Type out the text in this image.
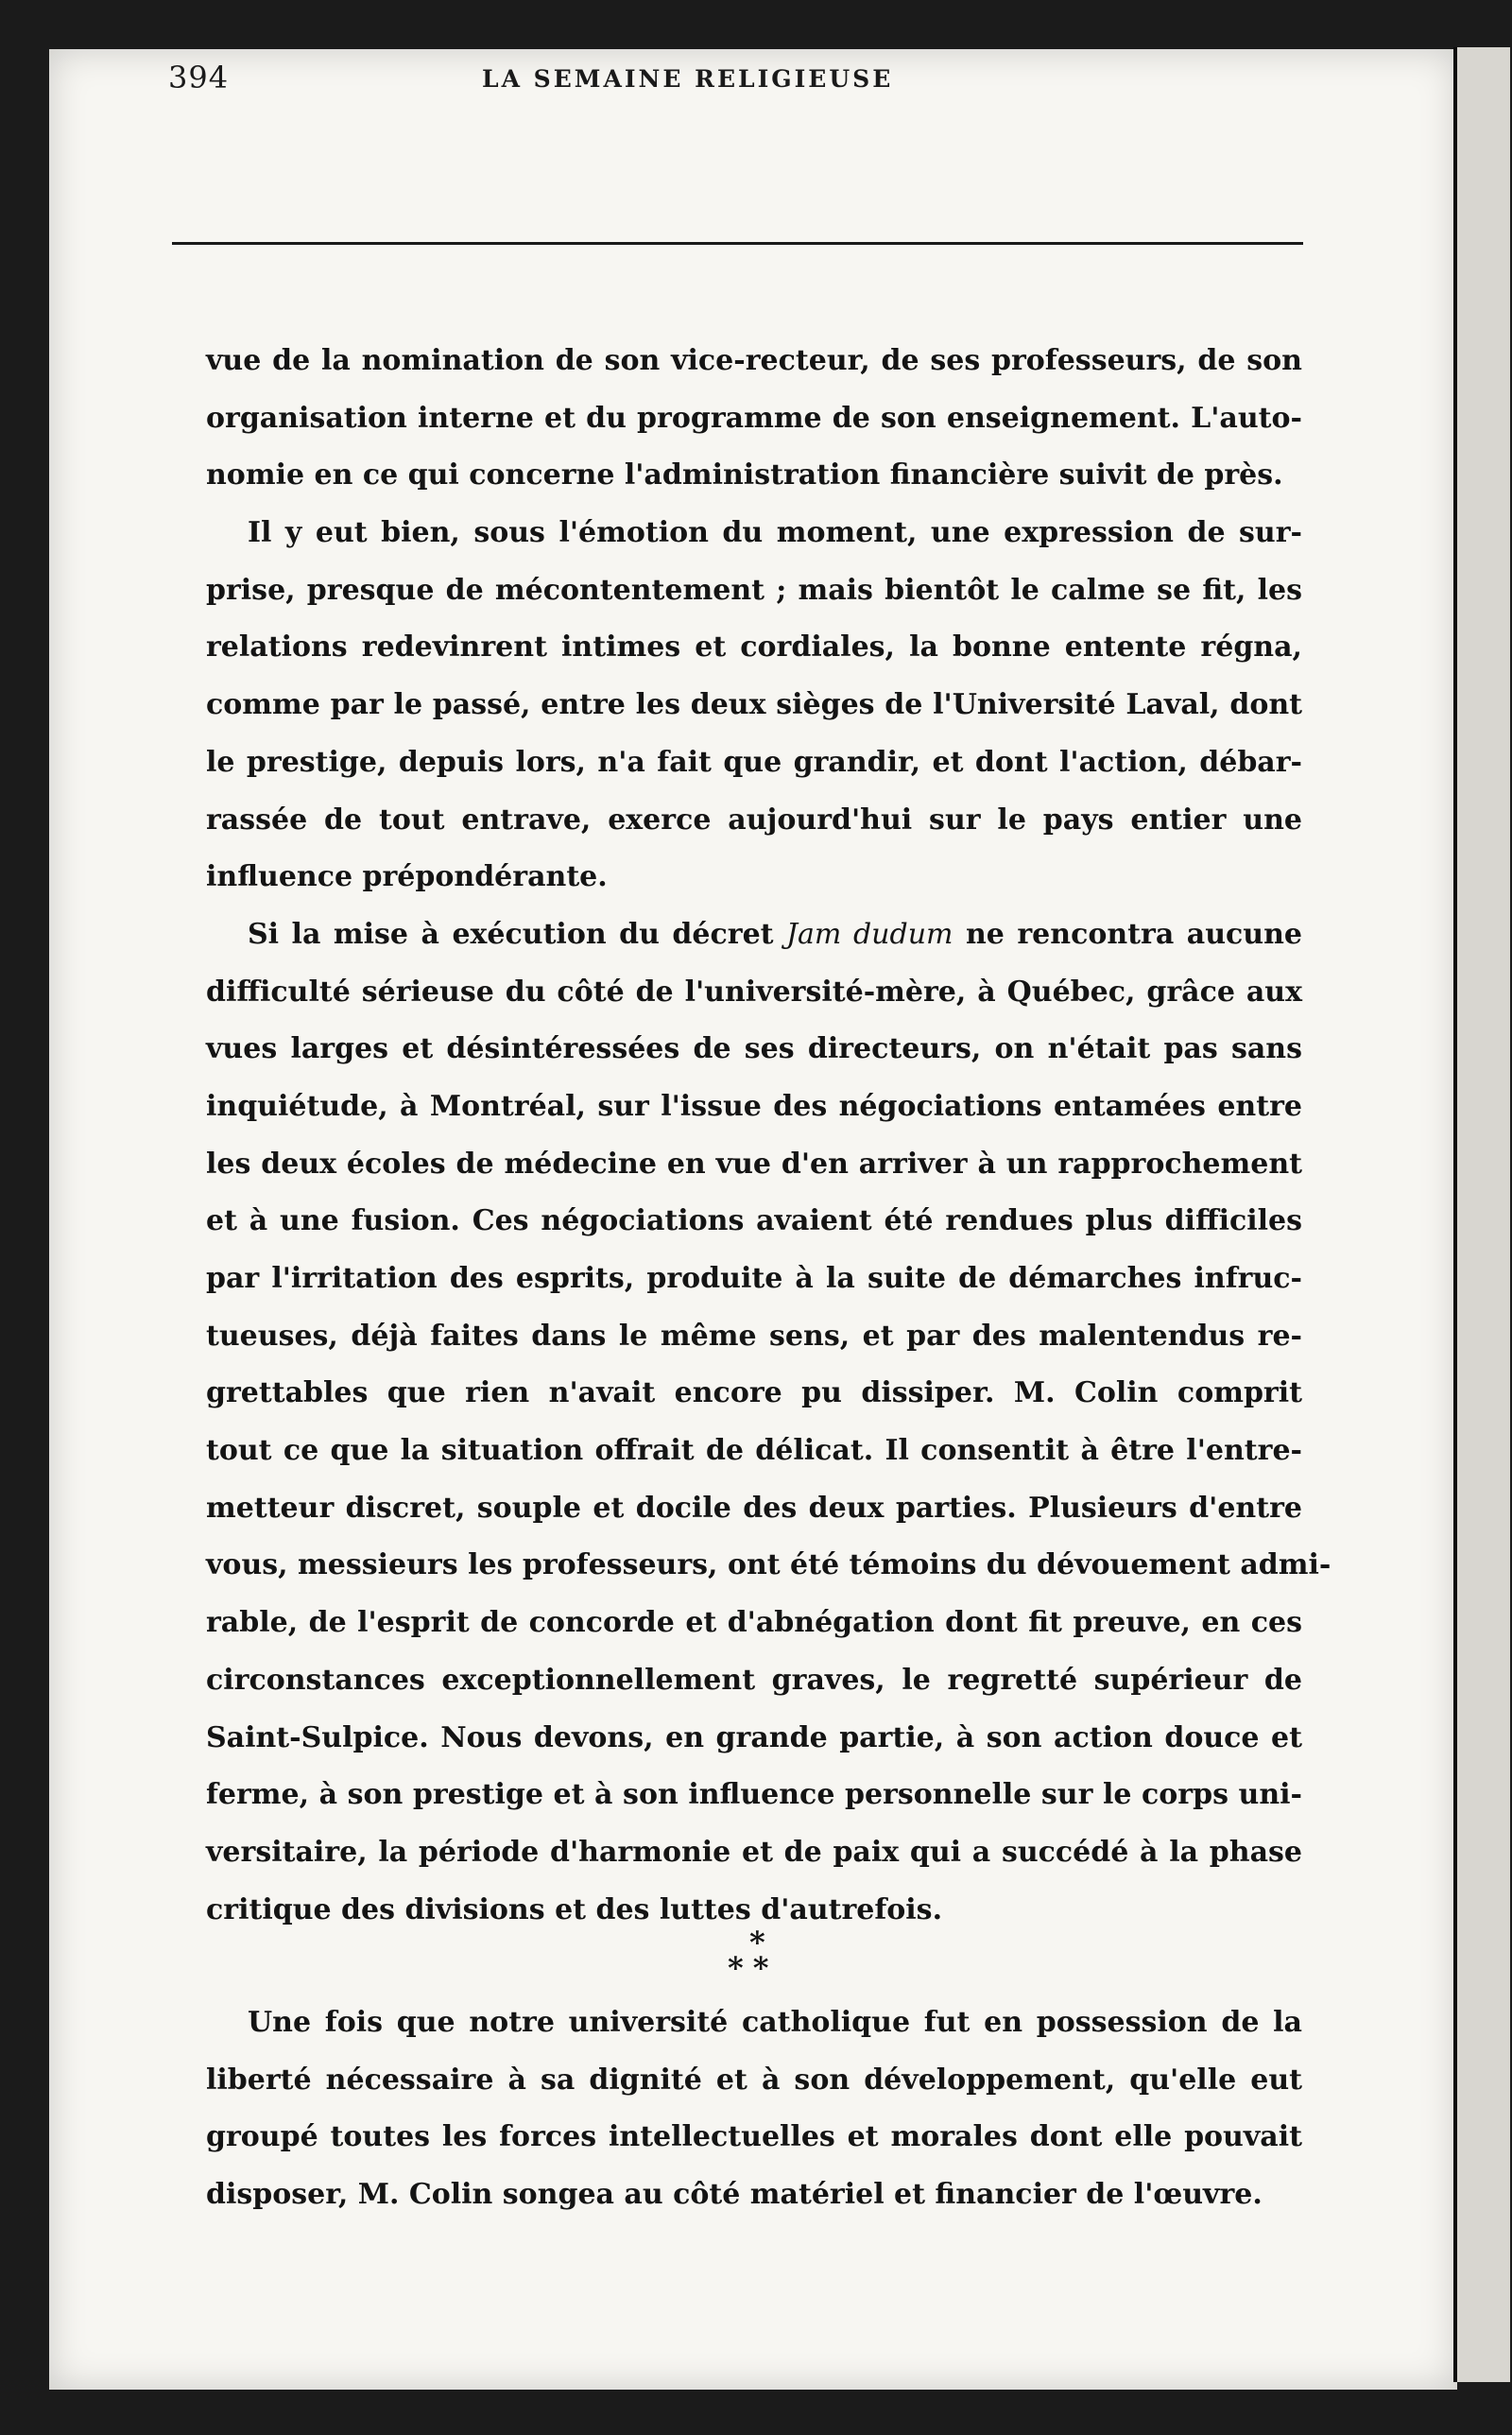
394	LA SEMAINE RELIGIEUSE
vue de la nomination de son vice-recteur, de ses professeurs, de son
organisation interne et du programme de son enseignement. L'auto-
nomie en ce qui concerne l'administration financière suivit de près.
Il y eut bien, sous l'émotion du moment, une expression de sur-
prise, presque de mécontentement ; mais bientôt le calme se fit, les
relations redevinrent intimes et cordiales, la bonne entente régna,
comme par le passé, entre les deux sièges de l'Université Laval, dont
le prestige, depuis lors, n'a fait que grandir, et dont l'action, débar-
rassée de tout entrave, exerce aujourd'hui sur le pays entier une
influence prépondérante.
Si la mise à exécution du décret Jam dudum ne rencontra aucune
difficulté sérieuse du côté de l'université-mère, à Québec, grâce aux
vues larges et désintéressées de ses directeurs, on n'était pas sans
inquiétude, à Montréal, sur l'issue des négociations entamées entre
les deux écoles de médecine en vue d'en arriver à un rapprochement
et à une fusion. Ces négociations avaient été rendues plus difficiles
par l'irritation des esprits, produite à la suite de démarches infruc-
tueuses, déjà faites dans le même sens, et par des malentendus re-
grettables que rien n'avait encore pu dissiper. M. Colin comprit
tout ce que la situation offrait de délicat. Il consentit à être l'entre-
metteur discret, souple et docile des deux parties. Plusieurs d'entre
vous, messieurs les professeurs, ont été témoins du dévouement admi-
rable, de l'esprit de concorde et d'abnégation dont fit preuve, en ces
circonstances exceptionnellement graves, le regretté supérieur de
Saint-Sulpice. Nous devons, en grande partie, à son action douce et
ferme, à son prestige et à son influence personnelle sur le corps uni-
versitaire, la période d'harmonie et de paix qui a succédé à la phase
critique des divisions et des luttes d'autrefois.
*
**
Une fois que notre université catholique fut en possession de la
liberté nécessaire à sa dignité et à son développement, qu'elle eut
groupé toutes les forces intellectuelles et morales dont elle pouvait
disposer, M. Colin songea au côté matériel et financier de l'œuvre.
